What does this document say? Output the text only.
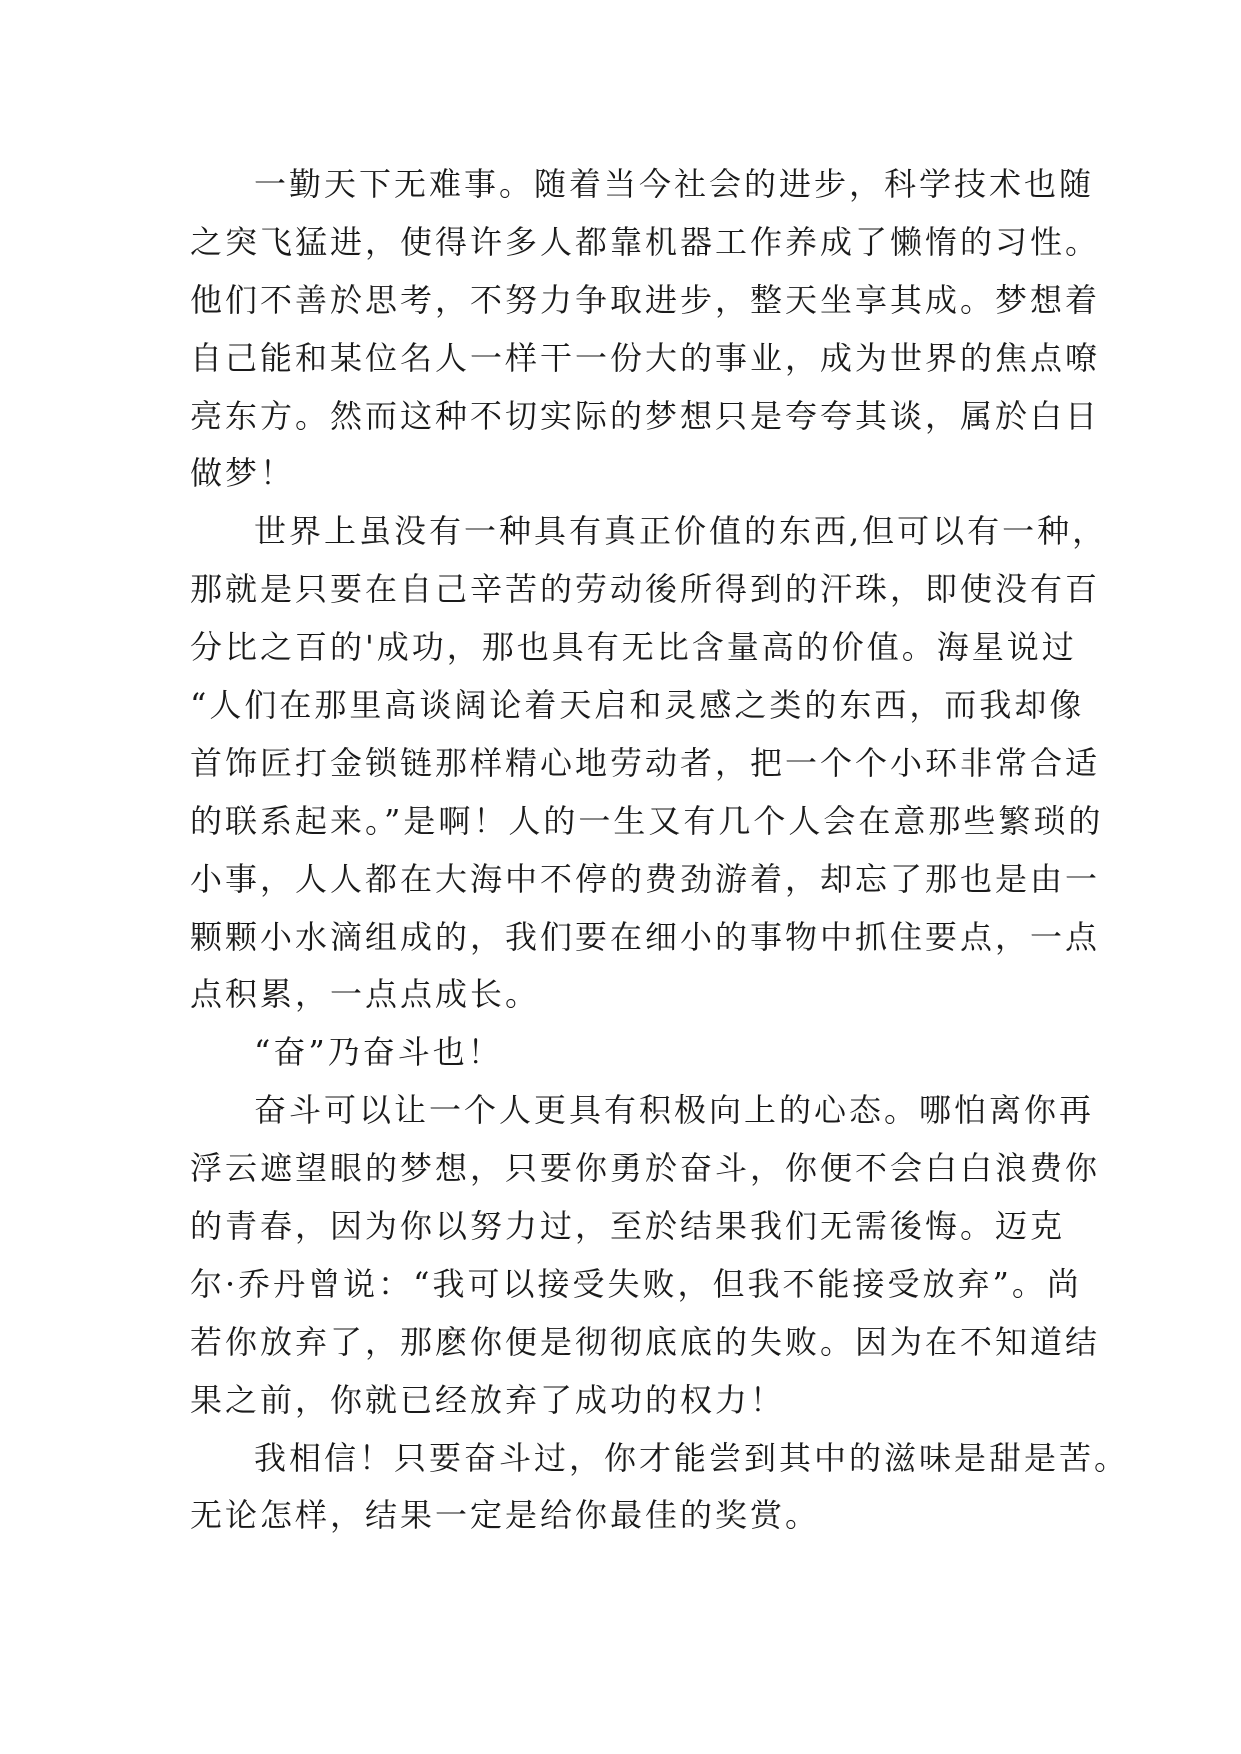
一勤天下无难事。随着当今社会的进步，科学技术也随
之突飞猛进，使得许多人都靠机器工作养成了懒惰的习性。
他们不善於思考，不努力争取进步，整天坐享其成。梦想着
自己能和某位名人一样干一份大的事业，成为世界的焦点嘹
亮东方。然而这种不切实际的梦想只是夸夸其谈，属於白日
做梦！
世界上虽没有一种具有真正价值的东西,但可以有一种，
那就是只要在自己辛苦的劳动後所得到的汗珠，即使没有百
分比之百的'成功，那也具有无比含量高的价值。海星说过
“人们在那里高谈阔论着天启和灵感之类的东西，而我却像
首饰匠打金锁链那样精心地劳动者，把一个个小环非常合适
的联系起来。”是啊！人的一生又有几个人会在意那些繁琐的
小事，人人都在大海中不停的费劲游着，却忘了那也是由一
颗颗小水滴组成的，我们要在细小的事物中抓住要点，一点
点积累，一点点成长。
“奋”乃奋斗也！
奋斗可以让一个人更具有积极向上的心态。哪怕离你再
浮云遮望眼的梦想，只要你勇於奋斗，你便不会白白浪费你
的青春，因为你以努力过，至於结果我们无需後悔。迈克
尔·乔丹曾说：“我可以接受失败，但我不能接受放弃”。尚
若你放弃了，那麽你便是彻彻底底的失败。因为在不知道结
果之前，你就已经放弃了成功的权力！
我相信！只要奋斗过，你才能尝到其中的滋味是甜是苦。
无论怎样，结果一定是给你最佳的奖赏。
